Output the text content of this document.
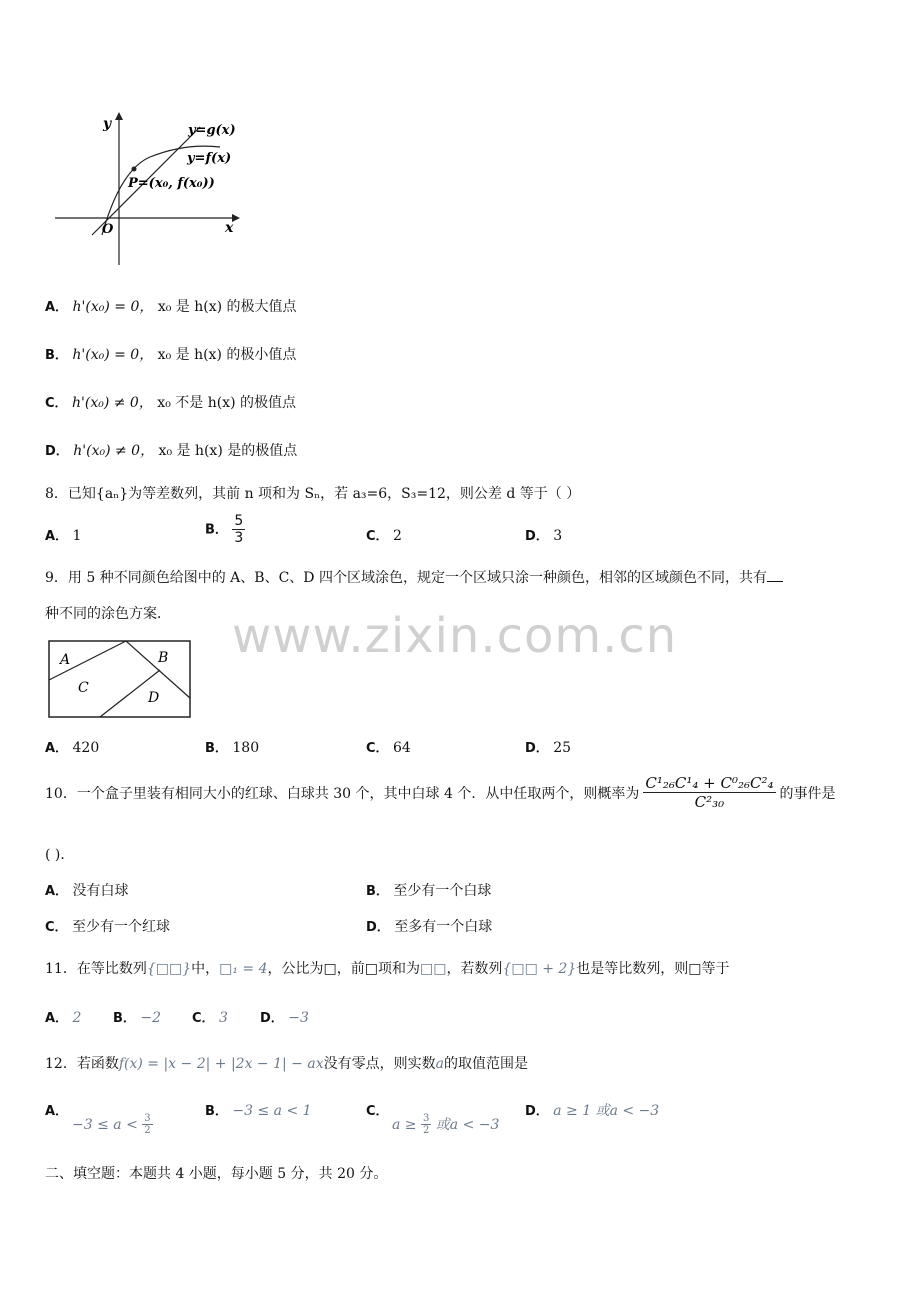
y
x
O
y=g(x)
y=f(x)
P=(x₀, f(x₀))
A． h'(x₀) = 0， x₀ 是 h(x) 的极大值点
B． h'(x₀) = 0， x₀ 是 h(x) 的极小值点
C． h'(x₀) ≠ 0， x₀ 不是 h(x) 的极值点
D． h'(x₀) ≠ 0， x₀ 是 h(x) 是的极值点
8．已知{aₙ}为等差数列，其前 n 项和为 Sₙ，若 a₃=6，S₃=12，则公差 d 等于（ ）
A． 1	B． $\frac{5}{3}$	C． 2	D． 3
9．用 5 种不同颜色给图中的 A、B、C、D 四个区域涂色，规定一个区域只涂一种颜色，相邻的区域颜色不同，共有
种不同的涂色方案．
A	B
C
D
www.zixin.com.cn
A． 420	B． 180	C． 64	D． 25
10．一个盒子里装有相同大小的红球、白球共 30 个，其中白球 4 个．从中任取两个，则概率为 $\frac{\text{C¹₂₆C¹₄ + C⁰₂₆C²₄}}{\text{C²₃₀}}$ 的事件是
( )．
A． 没有白球	B． 至少有一个白球
C． 至少有一个红球	D． 至多有一个白球
11．在等比数列{□□}中，□₁ = 4，公比为□，前□项和为□□，若数列{□□ + 2}也是等比数列，则□等于
A． 2 B． −2 C． 3 D． −3
12．若函数f(x) = |x − 2| + |2x − 1| − ax没有零点，则实数a的取值范围是
A．
$-3 \le a < \frac{3}{2}$
B． −3 ≤ a < 1	C．
$a \ge \frac{3}{2}$ 或a < −3
D． a ≥ 1 或a < −3
二、填空题：本题共 4 小题，每小题 5 分，共 20 分。
